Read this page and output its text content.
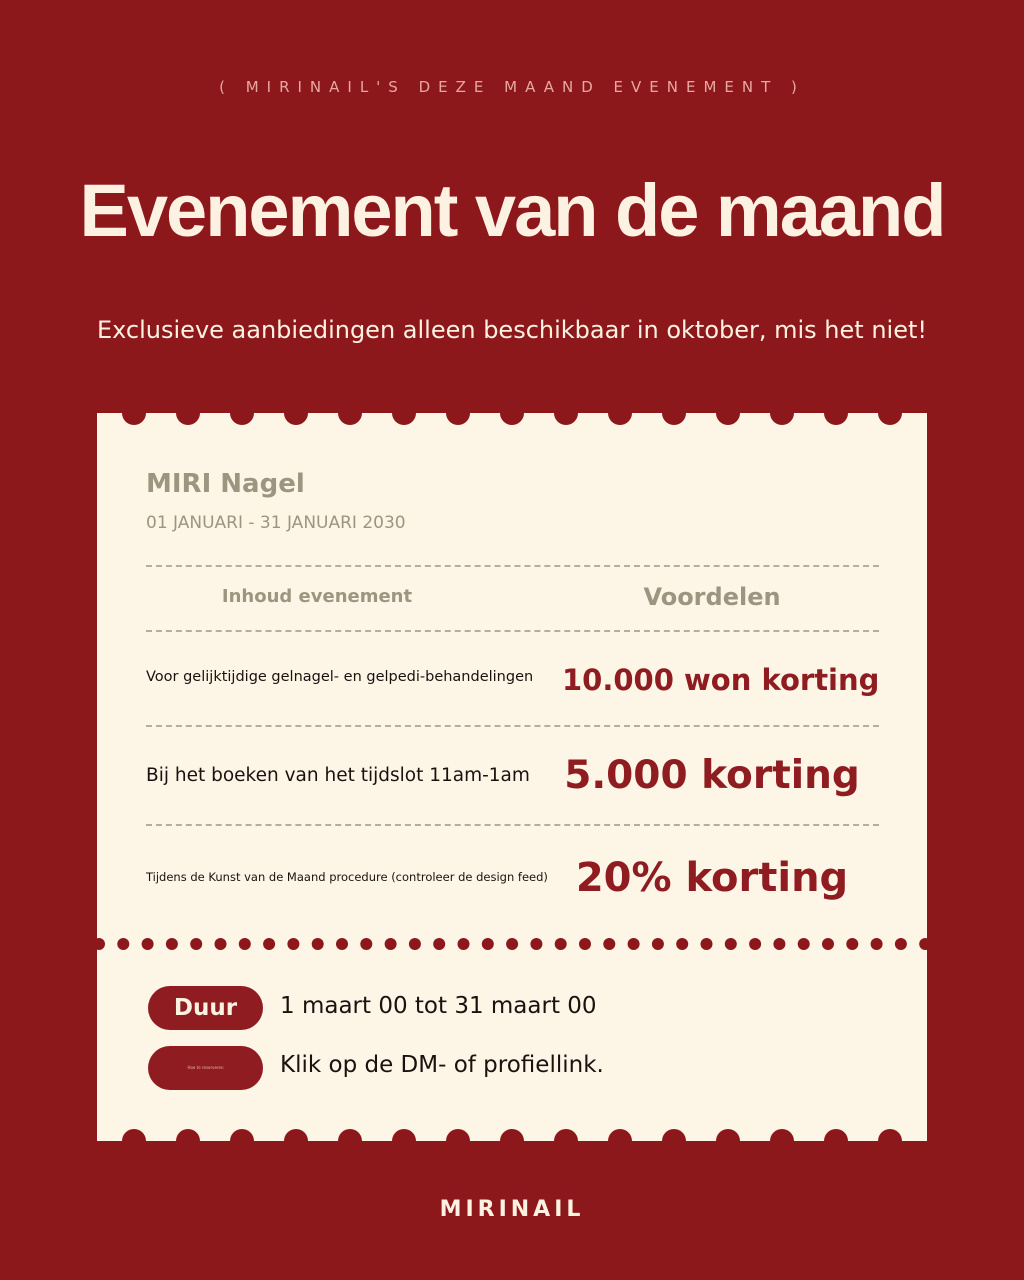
( MIRINAIL'S DEZE MAAND EVENEMENT )
Evenement van de maand
Exclusieve aanbiedingen alleen beschikbaar in oktober, mis het niet!
MIRI Nagel
01 JANUARI - 31 JANUARI 2030
Inhoud evenement	Voordelen
Voor gelijktijdige gelnagel- en gelpedi-behandelingen 10.000 won korting
Bij het boeken van het tijdslot 11am-1am 5.000 korting
Tijdens de Kunst van de Maand procedure (controleer de design feed) 20% korting
Duur	1 maart 00 tot 31 maart 00
Hoe te reserveren	Klik op de DM- of profiellink.
MIRINAIL
